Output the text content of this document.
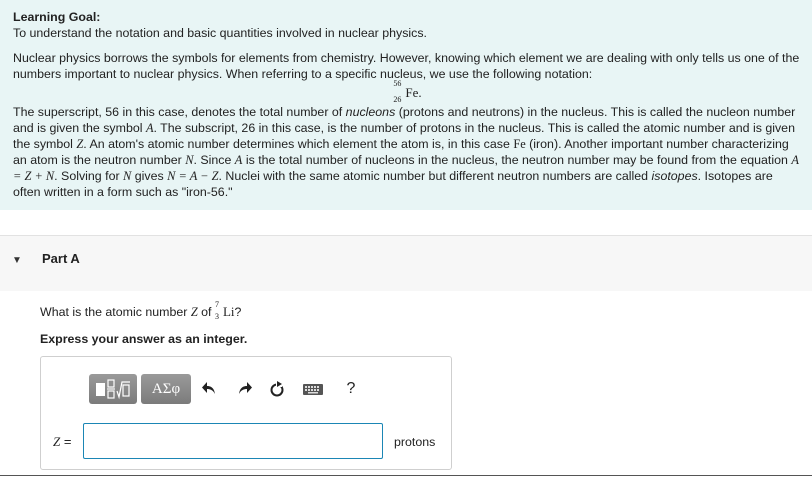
Learning Goal:

To understand the notation and basic quantities involved in nuclear physics.

Nuclear physics borrows the symbols for elements from chemistry. However, knowing which element we are dealing with only tells us one of the numbers important to nuclear physics. When referring to a specific nucleus, we use the following notation:

56
26 Fe.

The superscript, 56 in this case, denotes the total number of nucleons (protons and neutrons) in the nucleus. This is called the nucleon number and is given the symbol A. The subscript, 26 in this case, is the number of protons in the nucleus. This is called the atomic number and is given the symbol Z. An atom's atomic number determines which element the atom is, in this case Fe (iron). Another important number characterizing an atom is the neutron number N. Since A is the total number of nucleons in the nucleus, the neutron number may be found from the equation A = Z + N. Solving for N gives N = A − Z. Nuclei with the same atomic number but different neutron numbers are called isotopes. Isotopes are often written in a form such as "iron-56."

▼ Part A
What is the atomic number Z of
7
3 Li?
Express your answer as an integer.
ΑΣφ	?
Z =	protons
